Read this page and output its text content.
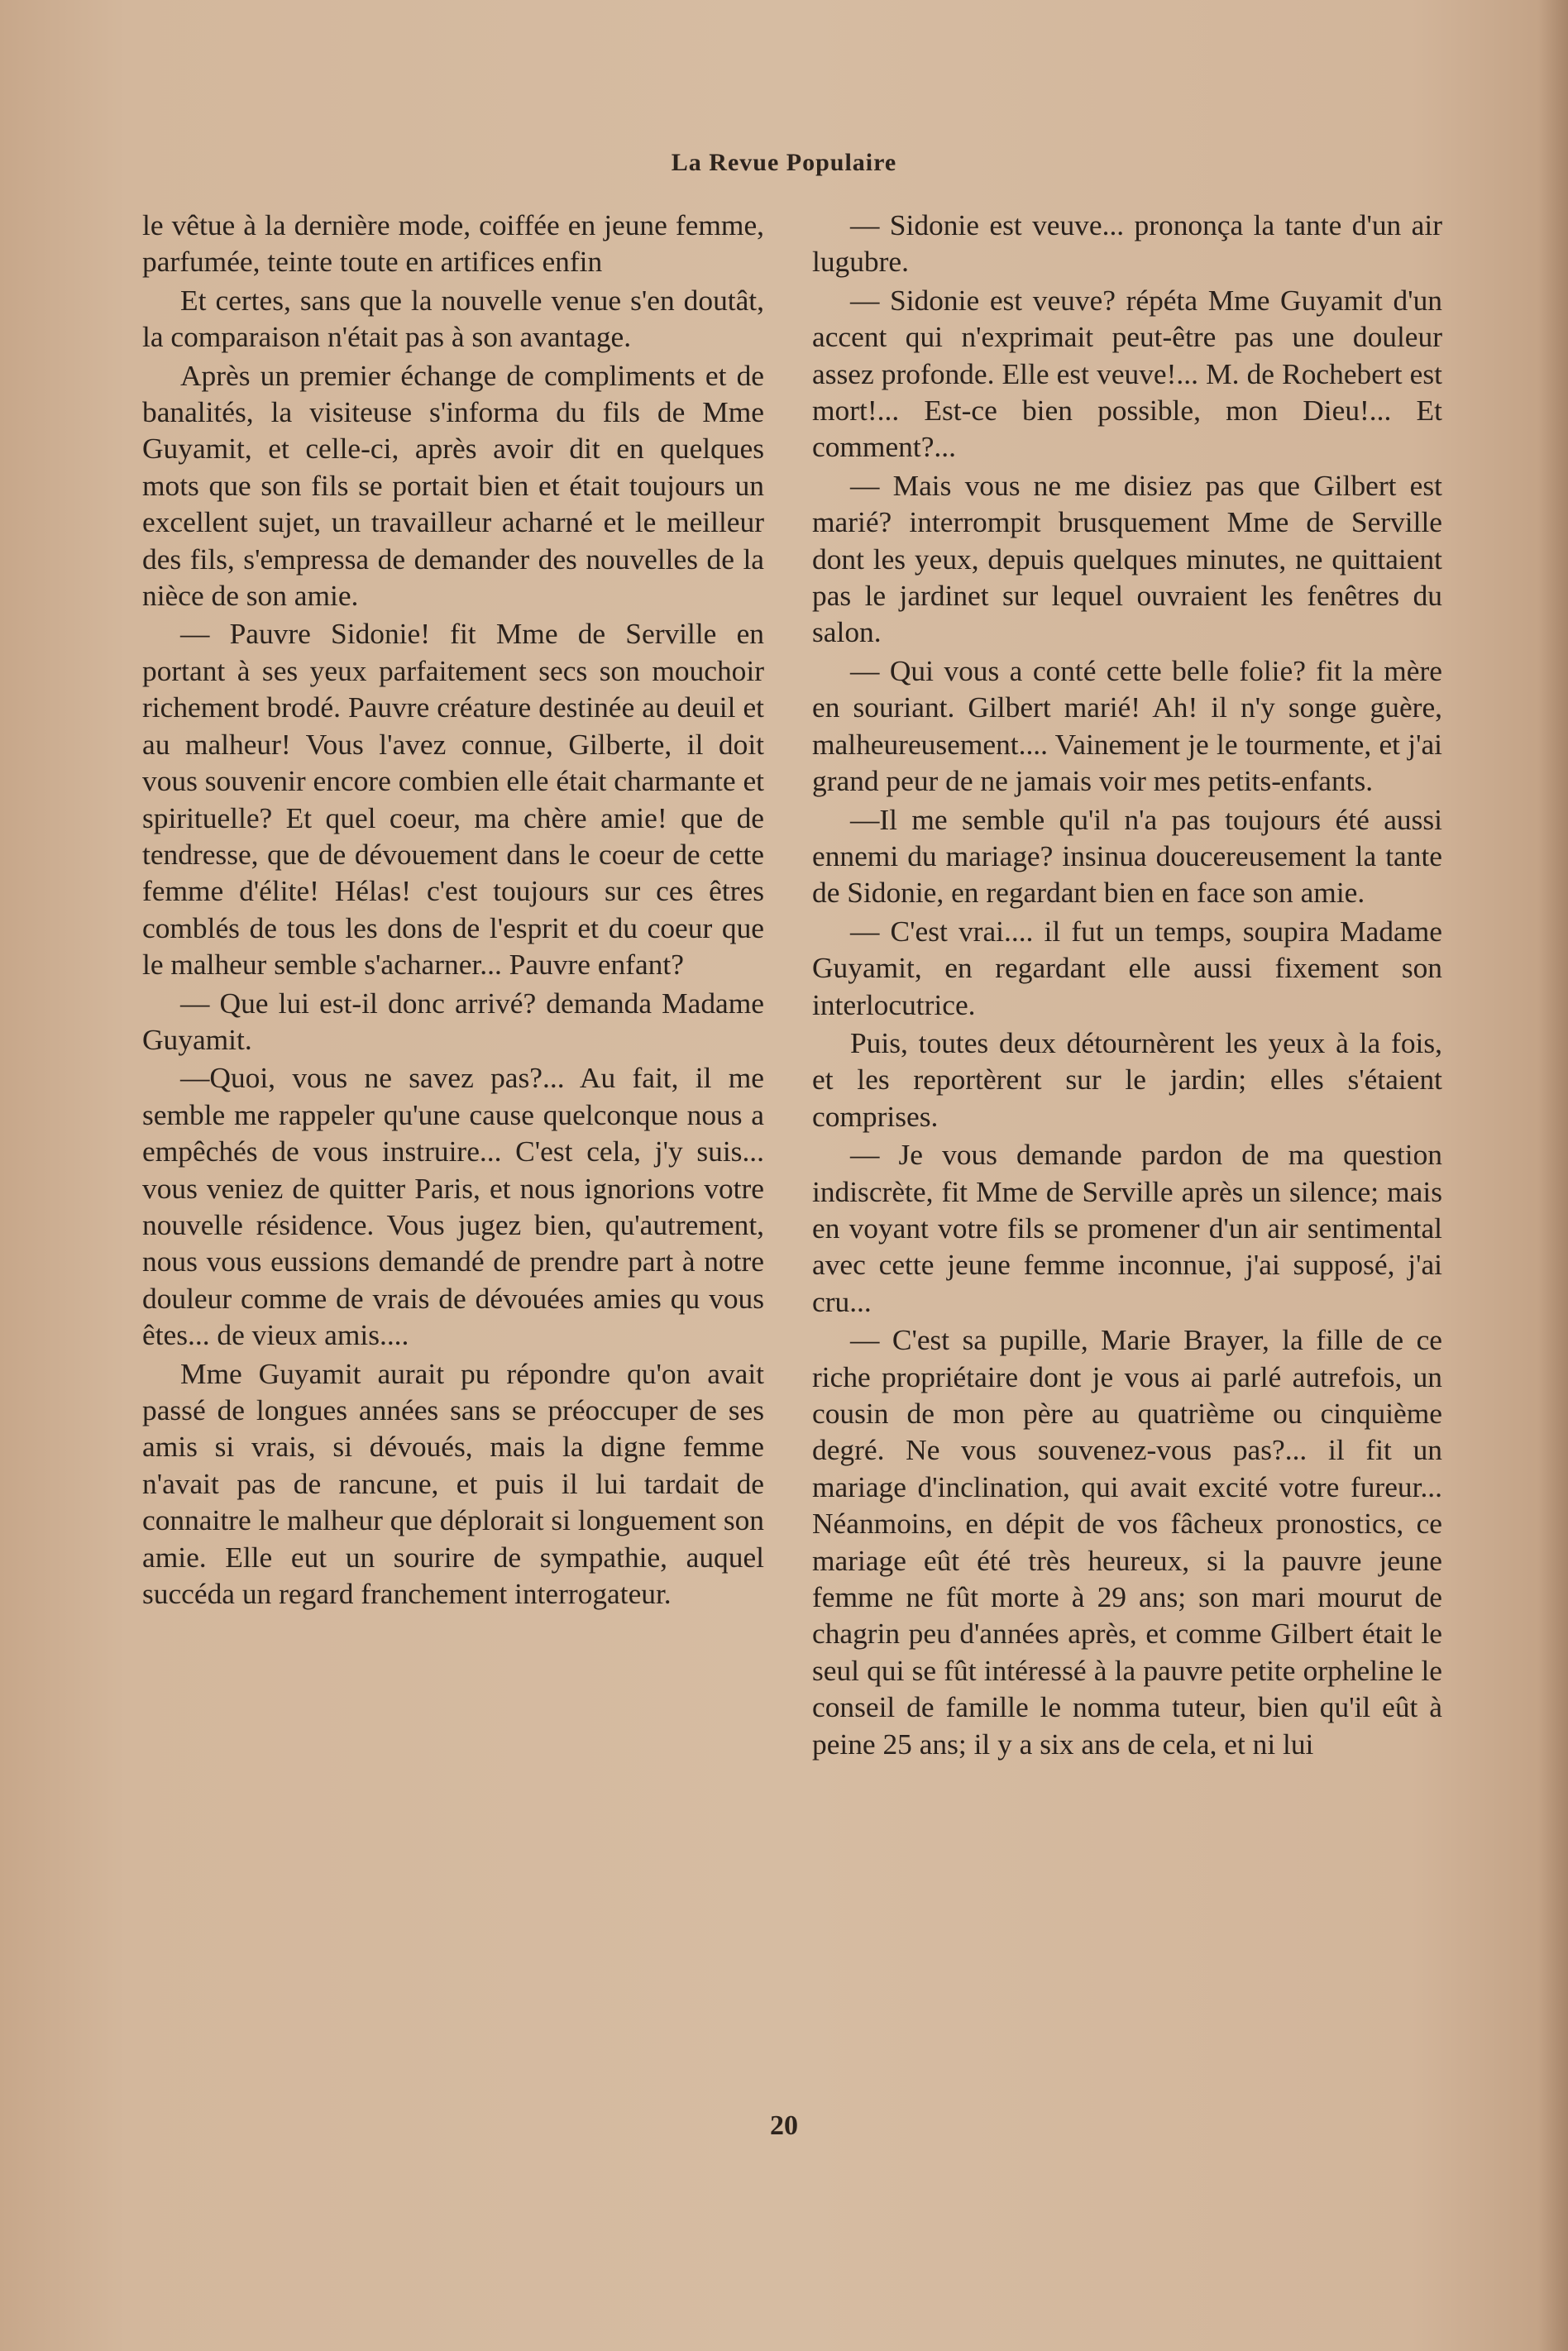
La Revue Populaire

le vêtue à la dernière mode, coiffée en jeune femme, parfumée, teinte toute en artifices enfin

Et certes, sans que la nouvelle venue s'en doutât, la comparaison n'était pas à son avantage.

Après un premier échange de compliments et de banalités, la visiteuse s'informa du fils de Mme Guyamit, et celle-ci, après avoir dit en quelques mots que son fils se portait bien et était toujours un excellent sujet, un travailleur acharné et le meilleur des fils, s'empressa de demander des nouvelles de la nièce de son amie.

— Pauvre Sidonie! fit Mme de Serville en portant à ses yeux parfaitement secs son mouchoir richement brodé. Pauvre créature destinée au deuil et au malheur! Vous l'avez connue, Gilberte, il doit vous souvenir encore combien elle était charmante et spirituelle? Et quel coeur, ma chère amie! que de tendresse, que de dévouement dans le coeur de cette femme d'élite! Hélas! c'est toujours sur ces êtres comblés de tous les dons de l'esprit et du coeur que le malheur semble s'acharner... Pauvre enfant?

— Que lui est-il donc arrivé? demanda Madame Guyamit.

—Quoi, vous ne savez pas?... Au fait, il me semble me rappeler qu'une cause quelconque nous a empêchés de vous instruire... C'est cela, j'y suis... vous veniez de quitter Paris, et nous ignorions votre nouvelle résidence. Vous jugez bien, qu'autrement, nous vous eussions demandé de prendre part à notre douleur comme de vrais de dévouées amies qu vous êtes... de vieux amis....

Mme Guyamit aurait pu répondre qu'on avait passé de longues années sans se préoccuper de ses amis si vrais, si dévoués, mais la digne femme n'avait pas de rancune, et puis il lui tardait de connaitre le malheur que déplorait si longuement son amie. Elle eut un sourire de sympathie, auquel succéda un regard franchement interrogateur.

— Sidonie est veuve... prononça la tante d'un air lugubre.

— Sidonie est veuve? répéta Mme Guyamit d'un accent qui n'exprimait peut-être pas une douleur assez profonde. Elle est veuve!... M. de Rochebert est mort!... Est-ce bien possible, mon Dieu!... Et comment?...

— Mais vous ne me disiez pas que Gilbert est marié? interrompit brusquement Mme de Serville dont les yeux, depuis quelques minutes, ne quittaient pas le jardinet sur lequel ouvraient les fenêtres du salon.

— Qui vous a conté cette belle folie? fit la mère en souriant. Gilbert marié! Ah! il n'y songe guère, malheureusement.... Vainement je le tourmente, et j'ai grand peur de ne jamais voir mes petits-enfants.

—Il me semble qu'il n'a pas toujours été aussi ennemi du mariage? insinua doucereusement la tante de Sidonie, en regardant bien en face son amie.

— C'est vrai.... il fut un temps, soupira Madame Guyamit, en regardant elle aussi fixement son interlocutrice.

Puis, toutes deux détournèrent les yeux à la fois, et les reportèrent sur le jardin; elles s'étaient comprises.

— Je vous demande pardon de ma question indiscrète, fit Mme de Serville après un silence; mais en voyant votre fils se promener d'un air sentimental avec cette jeune femme inconnue, j'ai supposé, j'ai cru...

— C'est sa pupille, Marie Brayer, la fille de ce riche propriétaire dont je vous ai parlé autrefois, un cousin de mon père au quatrième ou cinquième degré. Ne vous souvenez-vous pas?... il fit un mariage d'inclination, qui avait excité votre fureur... Néanmoins, en dépit de vos fâcheux pronostics, ce mariage eût été très heureux, si la pauvre jeune femme ne fût morte à 29 ans; son mari mourut de chagrin peu d'années après, et comme Gilbert était le seul qui se fût intéressé à la pauvre petite orpheline le conseil de famille le nomma tuteur, bien qu'il eût à peine 25 ans; il y a six ans de cela, et ni lui

20
